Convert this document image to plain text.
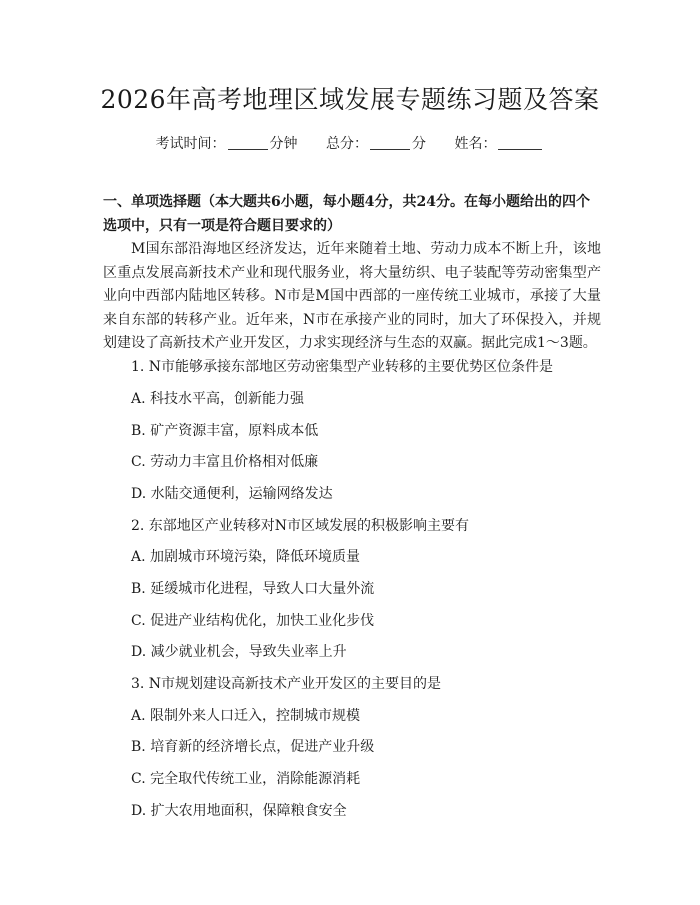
2026年高考地理区域发展专题练习题及答案
考试时间：	分钟 总分：	分 姓名：

一、单项选择题（本大题共6小题，每小题4分，共24分。在每小题给出的四个选项中，只有一项是符合题目要求的）

M国东部沿海地区经济发达，近年来随着土地、劳动力成本不断上升，该地区重点发展高新技术产业和现代服务业，将大量纺织、电子装配等劳动密集型产业向中西部内陆地区转移。N市是M国中西部的一座传统工业城市，承接了大量来自东部的转移产业。近年来，N市在承接产业的同时，加大了环保投入，并规划建设了高新技术产业开发区，力求实现经济与生态的双赢。据此完成1～3题。

1. N市能够承接东部地区劳动密集型产业转移的主要优势区位条件是
A. 科技水平高，创新能力强
B. 矿产资源丰富，原料成本低
C. 劳动力丰富且价格相对低廉
D. 水陆交通便利，运输网络发达
2. 东部地区产业转移对N市区域发展的积极影响主要有
A. 加剧城市环境污染，降低环境质量
B. 延缓城市化进程，导致人口大量外流
C. 促进产业结构优化，加快工业化步伐
D. 减少就业机会，导致失业率上升
3. N市规划建设高新技术产业开发区的主要目的是
A. 限制外来人口迁入，控制城市规模
B. 培育新的经济增长点，促进产业升级
C. 完全取代传统工业，消除能源消耗
D. 扩大农用地面积，保障粮食安全
